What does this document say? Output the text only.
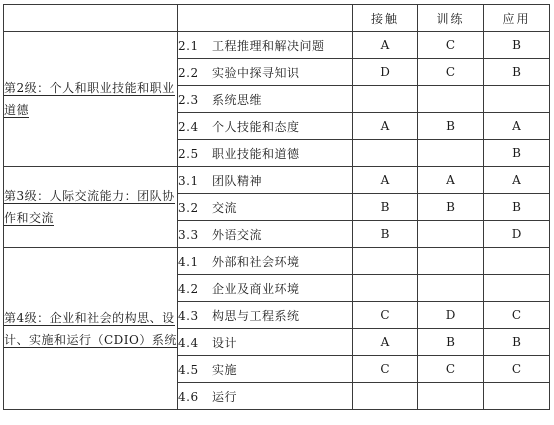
		接触	训练	应用
第2级：个人和职业技能和职业道德	2.1 工程推理和解决问题	A	C	B
	2.2 实验中探寻知识	D	C	B
	2.3 系统思维			
	2.4 个人技能和态度	A	B	A
	2.5 职业技能和道德			B
第3级：人际交流能力：团队协作和交流	3.1 团队精神	A	A	A
	3.2 交流	B	B	B
	3.3 外语交流	B		D
第4级：企业和社会的构思、设计、实施和运行（CDIO）系统	4.1 外部和社会环境			
	4.2 企业及商业环境			
	4.3 构思与工程系统	C	D	C
	4.4 设计	A	B	B
	4.5 实施	C	C	C
	4.6 运行			
